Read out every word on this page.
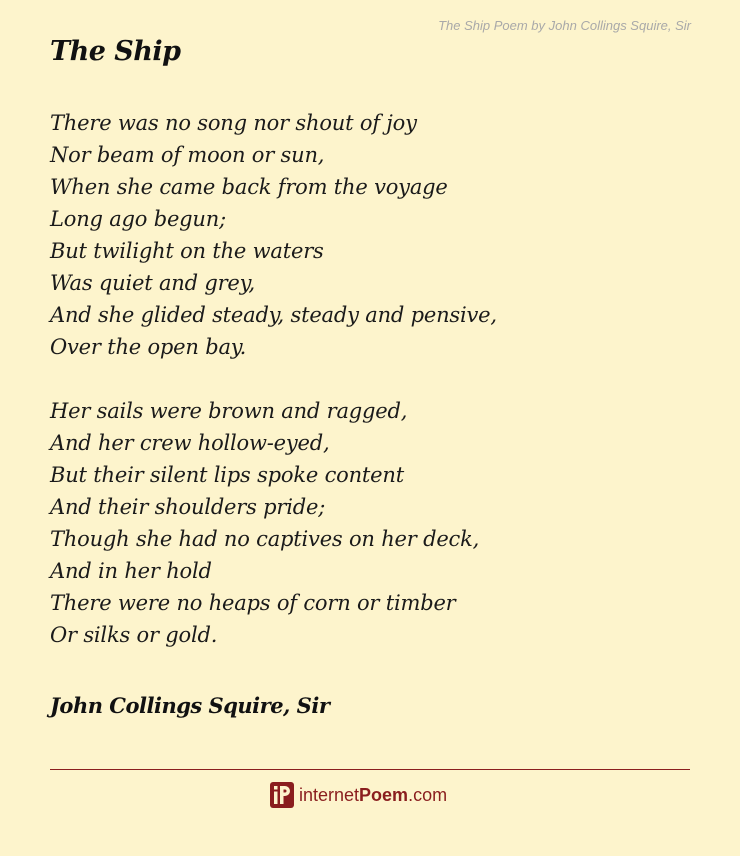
The Ship Poem by John Collings Squire, Sir
The Ship
There was no song nor shout of joy
Nor beam of moon or sun,
When she came back from the voyage
Long ago begun;
But twilight on the waters
Was quiet and grey,
And she glided steady, steady and pensive,
Over the open bay.
Her sails were brown and ragged,
And her crew hollow-eyed,
But their silent lips spoke content
And their shoulders pride;
Though she had no captives on her deck,
And in her hold
There were no heaps of corn or timber
Or silks or gold.
John Collings Squire, Sir
internetPoem.com
